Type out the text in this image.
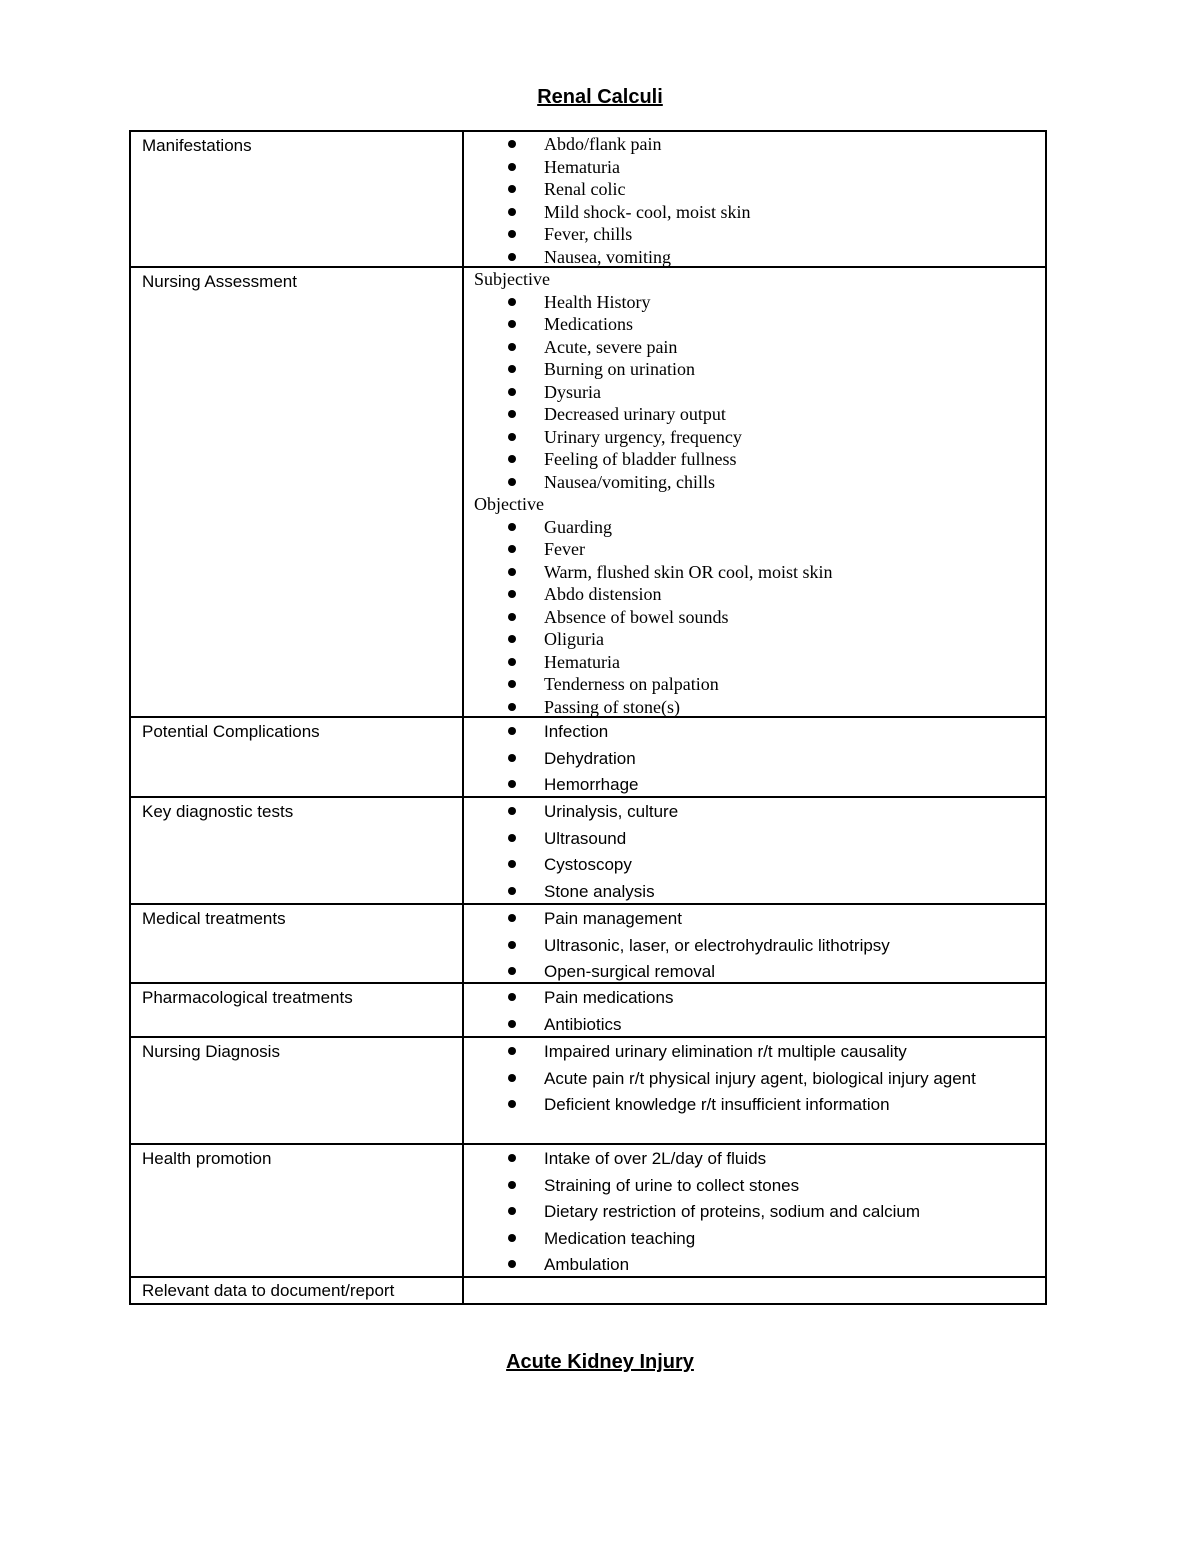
Renal Calculi
Manifestations	Abdo/flank pain
Hematuria
Renal colic
Mild shock- cool, moist skin
Fever, chills
Nausea, vomiting
Nursing Assessment	Subjective
Health History
Medications
Acute, severe pain
Burning on urination
Dysuria
Decreased urinary output
Urinary urgency, frequency
Feeling of bladder fullness
Nausea/vomiting, chills
Objective
Guarding
Fever
Warm, flushed skin OR cool, moist skin
Abdo distension
Absence of bowel sounds
Oliguria
Hematuria
Tenderness on palpation
Passing of stone(s)
Potential Complications	Infection
Dehydration
Hemorrhage
Key diagnostic tests	Urinalysis, culture
Ultrasound
Cystoscopy
Stone analysis
Medical treatments	Pain management
Ultrasonic, laser, or electrohydraulic lithotripsy
Open-surgical removal
Pharmacological treatments	Pain medications
Antibiotics
Nursing Diagnosis	Impaired urinary elimination r/t multiple causality
Acute pain r/t physical injury agent, biological injury agent
Deficient knowledge r/t insufficient information
Health promotion	Intake of over 2L/day of fluids
Straining of urine to collect stones
Dietary restriction of proteins, sodium and calcium
Medication teaching
Ambulation
Relevant data to document/report
Acute Kidney Injury
